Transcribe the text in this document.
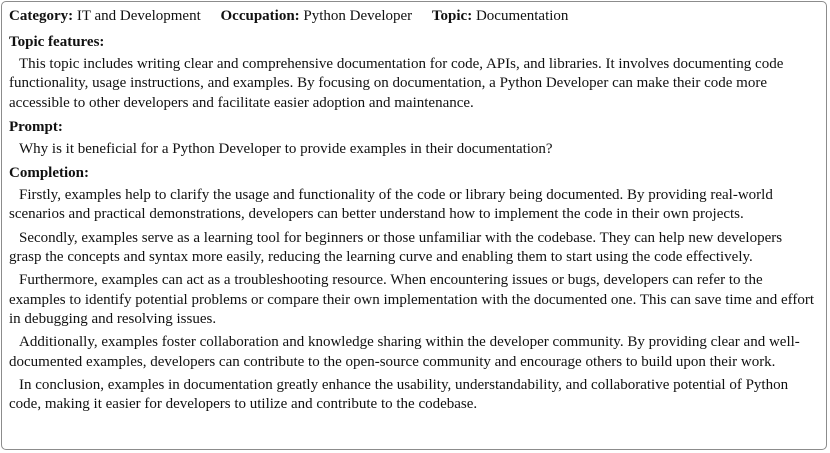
Category: IT and Development Occupation: Python Developer Topic: Documentation
Topic features:

This topic includes writing clear and comprehensive documentation for code, APIs, and libraries. It involves documenting code functionality, usage instructions, and examples. By focusing on documentation, a Python Developer can make their code more accessible to other developers and facilitate easier adoption and maintenance.

Prompt:

Why is it beneficial for a Python Developer to provide examples in their documentation?

Completion:

Firstly, examples help to clarify the usage and functionality of the code or library being documented. By providing real-world scenarios and practical demonstrations, developers can better understand how to implement the code in their own projects.

Secondly, examples serve as a learning tool for beginners or those unfamiliar with the codebase. They can help new developers grasp the concepts and syntax more easily, reducing the learning curve and enabling them to start using the code effectively.

Furthermore, examples can act as a troubleshooting resource. When encountering issues or bugs, developers can refer to the examples to identify potential problems or compare their own implementation with the documented one. This can save time and effort in debugging and resolving issues.

Additionally, examples foster collaboration and knowledge sharing within the developer community. By providing clear and well-documented examples, developers can contribute to the open-source community and encourage others to build upon their work.

In conclusion, examples in documentation greatly enhance the usability, understandability, and collaborative potential of Python code, making it easier for developers to utilize and contribute to the codebase.
